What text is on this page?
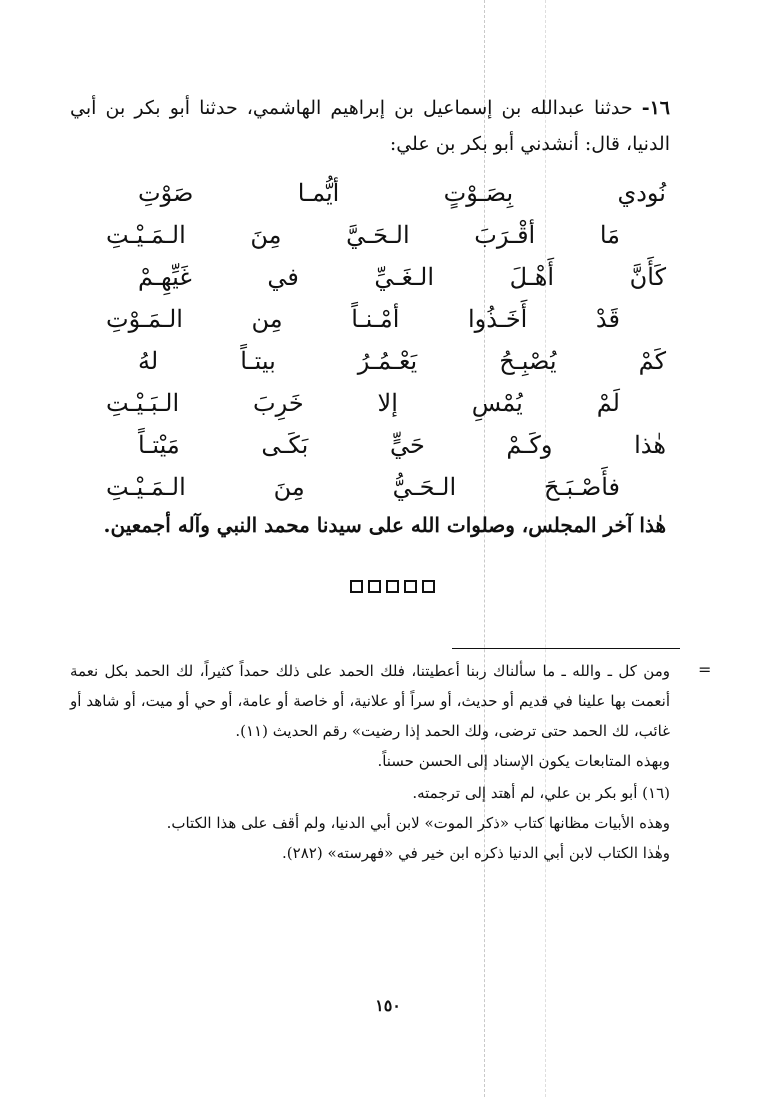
١٦- حدثنا عبدالله بن إسماعيل بن إبراهيم الهاشمي، حدثنا أبو بكر بن أبي الدنيا، قال: أنشدني أبو بكر بن علي:
نُودي
بِصَـوْتٍ
أيُّمـا
صَوْتِ
مَا
أقْـرَبَ
الـحَـيَّ
مِنَ
الـمَـيْـتِ
كَأَنَّ
أَهْـلَ
الـغَـيِّ
في
غَيِّهِـمْ
قَدْ
أَخَـذُوا
أمْـنـاً
مِن
الـمَـوْتِ
كَمْ
يُصْبِـحُ
يَعْـمُـرُ
بيتـاً
لهُ
لَمْ
يُمْسِ
إلا
خَرِبَ
الـبَـيْـتِ
هٰذا
وكَـمْ
حَيٍّ
بَكَـى
مَيْتـاً
فأَصْـبَـحَ
الـحَـيُّ
مِنَ
الـمَـيْـتِ
هٰذا آخر المجلس، وصلوات الله على سيدنا محمد النبي وآله أجمعين.
=

ومن كل ـ والله ـ ما سألناك ربنا أعطيتنا، فلك الحمد على ذلك حمداً كثيراً، لك الحمد بكل نعمة أنعمت بها علينا في قديم أو حديث، أو سراً أو علانية، أو خاصة أو عامة، أو حي أو ميت، أو شاهد أو غائب، لك الحمد حتى ترضى، ولك الحمد إذا رضيت» رقم الحديث (١١).

وبهذه المتابعات يكون الإسناد إلى الحسن حسناً.

(١٦) أبو بكر بن علي، لم أهتد إلى ترجمته.

وهذه الأبيات مظانها كتاب «ذكر الموت» لابن أبي الدنيا، ولم أقف على هذا الكتاب.

وهٰذا الكتاب لابن أبي الدنيا ذكره ابن خير في «فهرسته» (٢٨٢).

١٥٠
